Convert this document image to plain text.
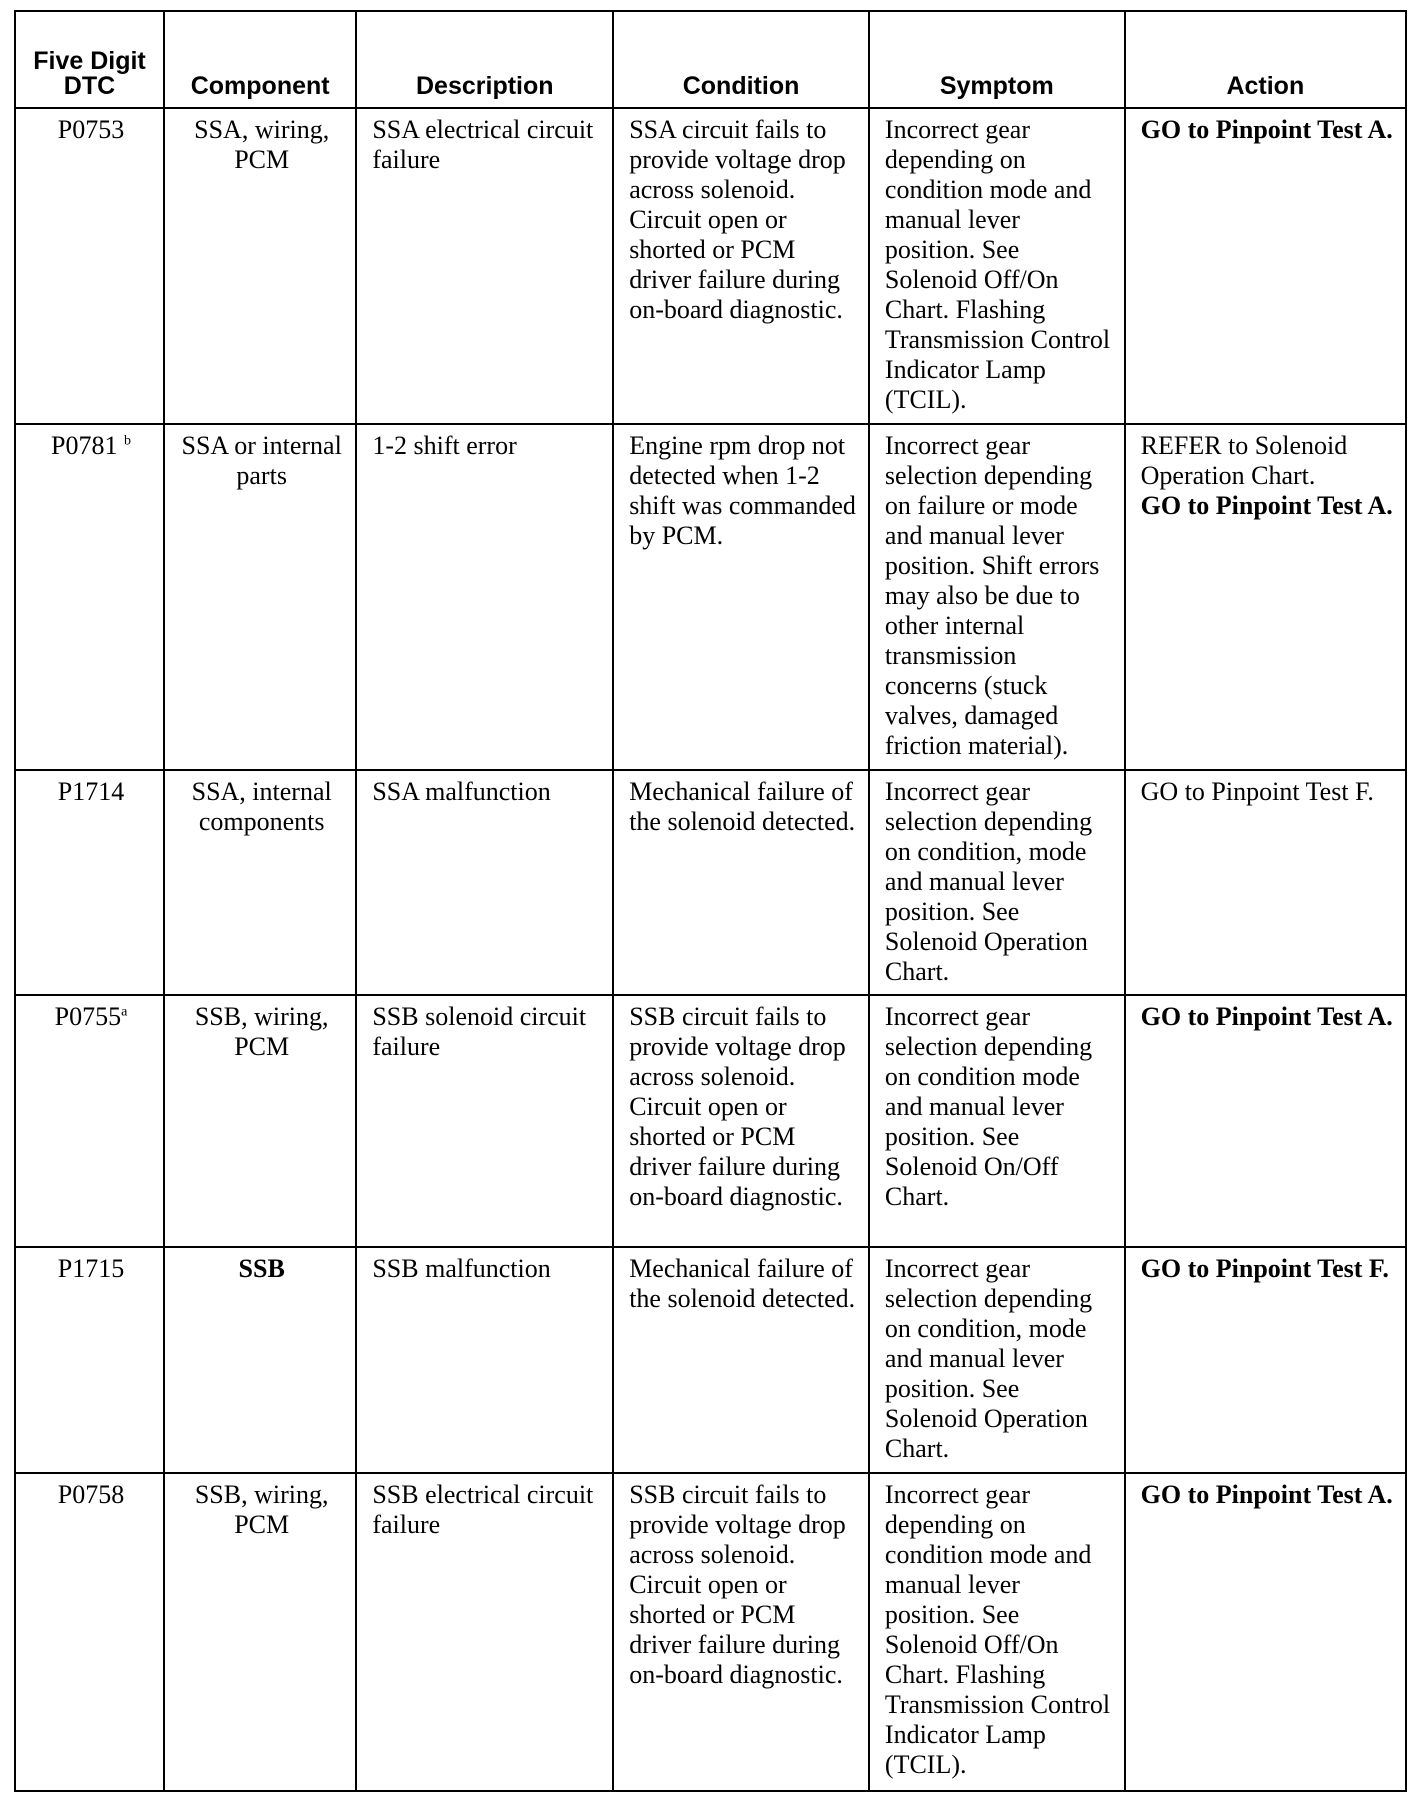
Five Digit DTC	Component	Description	Condition	Symptom	Action
P0753	SSA, wiring, PCM	SSA electrical circuit failure	SSA circuit fails to provide voltage drop across solenoid. Circuit open or shorted or PCM driver failure during on-board diagnostic.	Incorrect gear depending on condition mode and manual lever position. See Solenoid Off/On Chart. Flashing Transmission Control Indicator Lamp (TCIL).	GO to Pinpoint Test A.

P0781 $^b$	SSA or internal parts	1-2 shift error	Engine rpm drop not detected when 1-2 shift was commanded by PCM.	Incorrect gear selection depending on failure or mode and manual lever position. Shift errors may also be due to other internal transmission concerns (stuck valves, damaged friction material).	REFER to Solenoid Operation Chart.
GO to Pinpoint Test A.

P1714	SSA, internal components	SSA malfunction	Mechanical failure of the solenoid detected.	Incorrect gear selection depending on condition, mode and manual lever position. See Solenoid Operation Chart.	GO to Pinpoint Test F.

P0755$^a$	SSB, wiring, PCM	SSB solenoid circuit failure	SSB circuit fails to provide voltage drop across solenoid. Circuit open or shorted or PCM driver failure during on-board diagnostic.	Incorrect gear selection depending on condition mode and manual lever position. See Solenoid On/Off Chart.	GO to Pinpoint Test A.

P1715	SSB	SSB malfunction	Mechanical failure of the solenoid detected.	Incorrect gear selection depending on condition, mode and manual lever position. See Solenoid Operation Chart.	GO to Pinpoint Test F.

P0758	SSB, wiring, PCM	SSB electrical circuit failure	SSB circuit fails to provide voltage drop across solenoid. Circuit open or shorted or PCM driver failure during on-board diagnostic.	Incorrect gear depending on condition mode and manual lever position. See Solenoid Off/On Chart. Flashing Transmission Control Indicator Lamp (TCIL).	GO to Pinpoint Test A.
